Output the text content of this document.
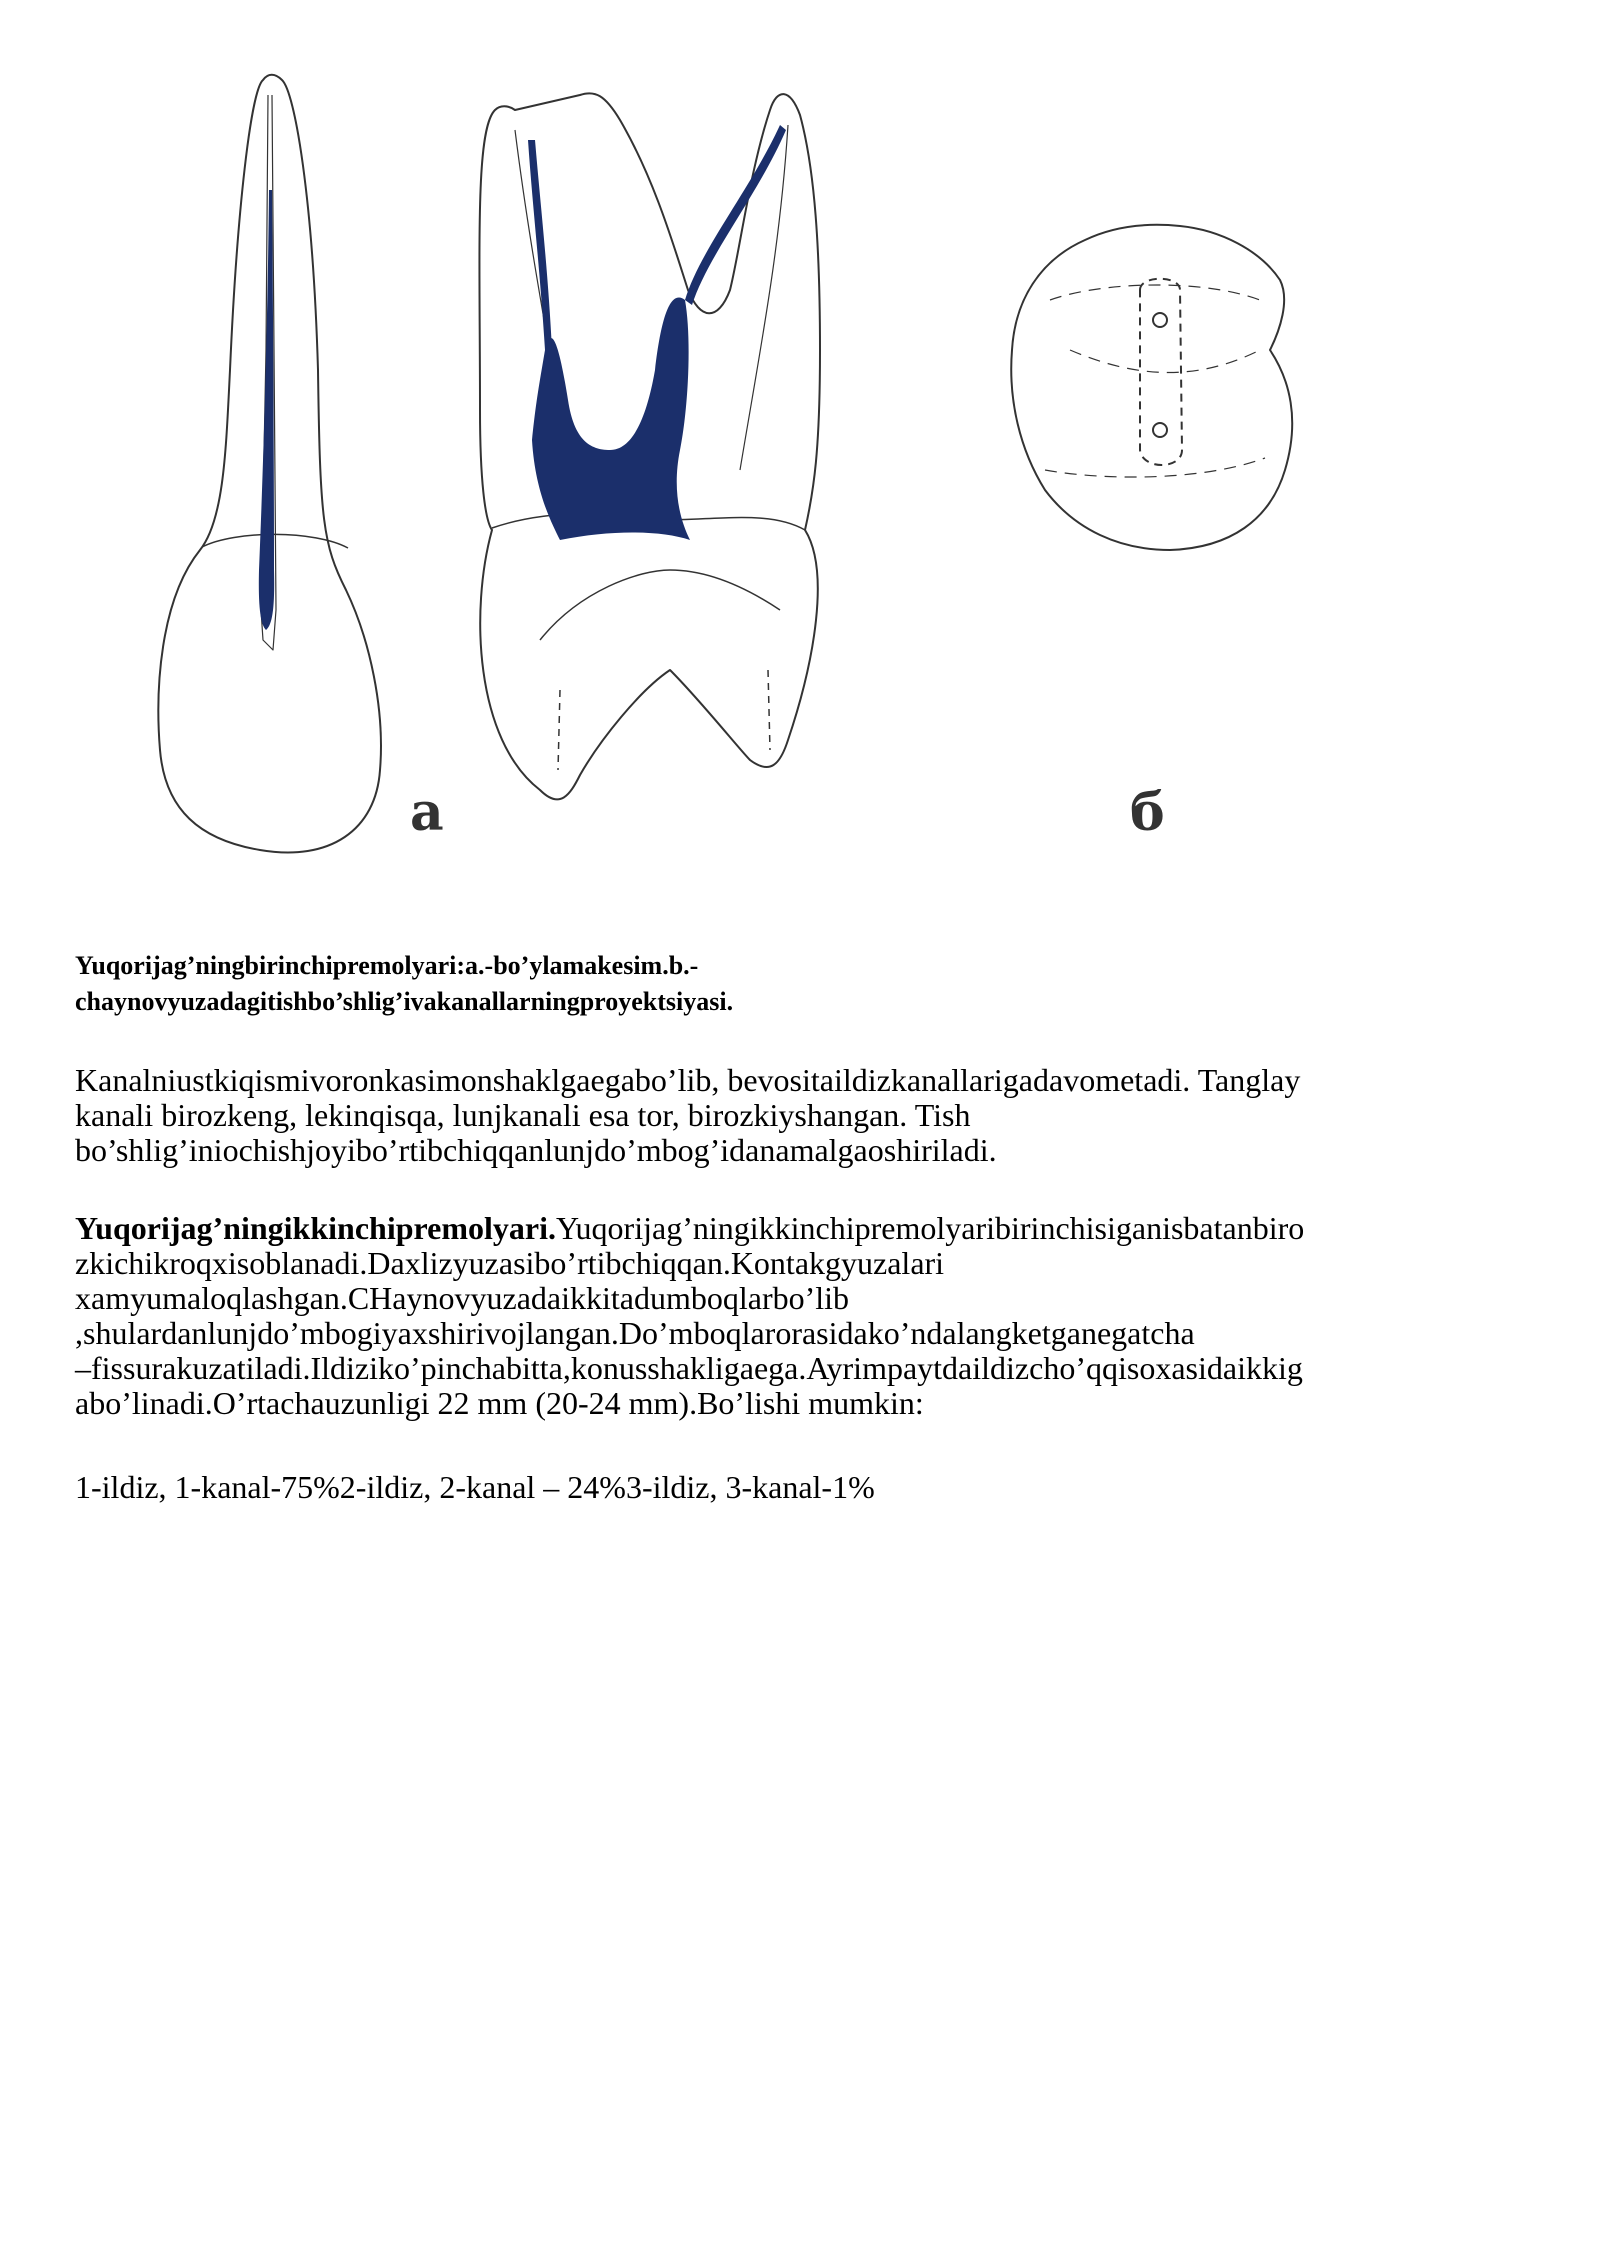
а	б
Yuqorijag’ningbirinchipremolyari:a.-bo’ylamakesim.b.-
chaynovyuzadagitishbo’shlig’ivakanallarningproyektsiyasi.

Kanalniustkiqismivoronkasimonshaklgaegabo’lib, bevositaildizkanallarigadavometadi. Tanglay
kanali birozkeng, lekinqisqa, lunjkanali esa tor, birozkiyshangan. Tish
bo’shlig’iniochishjoyibo’rtibchiqqanlunjdo’mbog’idanamalgaoshiriladi.

Yuqorijag’ningikkinchipremolyari.Yuqorijag’ningikkinchipremolyaribirinchisiganisbatanbiro
zkichikroqxisoblanadi.Daxlizyuzasibo’rtibchiqqan.Kontakgyuzalari
xamyumaloqlashgan.CHaynovyuzadaikkitadumboqlarbo’lib
,shulardanlunjdo’mbogiyaxshirivojlangan.Do’mboqlarorasidako’ndalangketganegatcha
–fissurakuzatiladi.Ildiziko’pinchabitta,konusshakligaega.Ayrimpaytdaildizcho’qqisoxasidaikkig
abo’linadi.O’rtachauzunligi 22 mm (20-24 mm).Bo’lishi mumkin:

1-ildiz, 1-kanal-75%2-ildiz, 2-kanal – 24%3-ildiz, 3-kanal-1%
